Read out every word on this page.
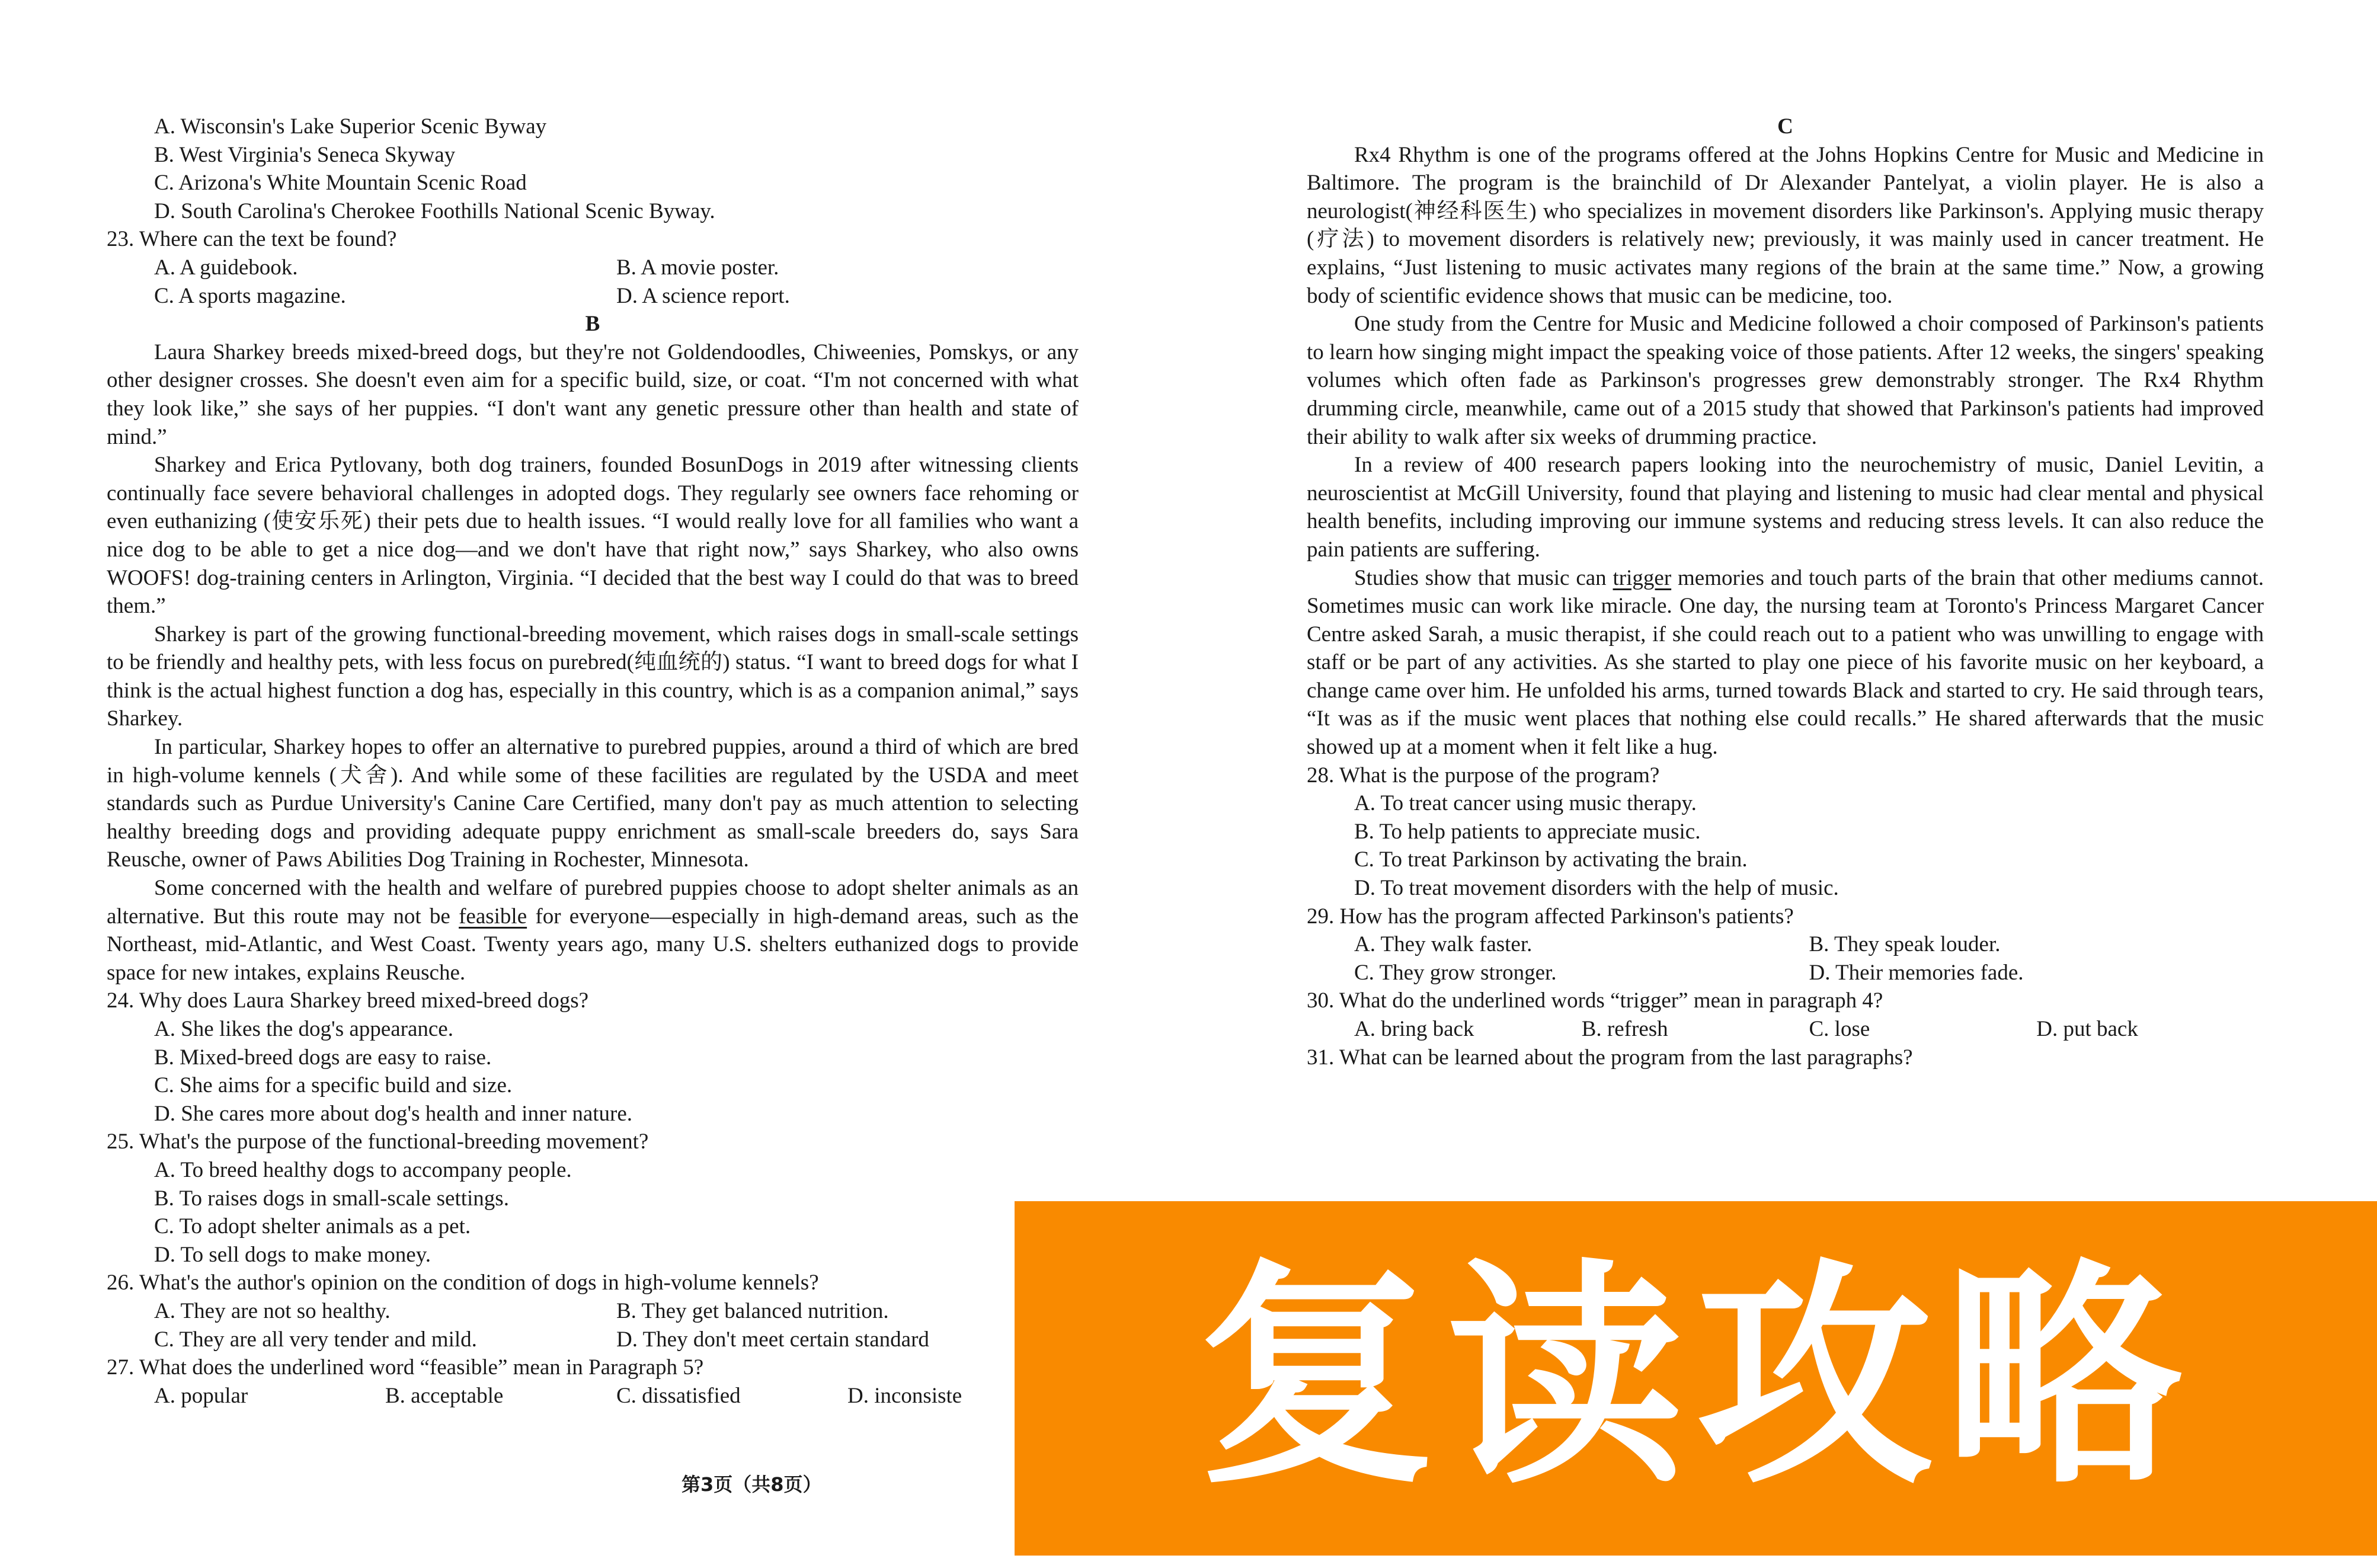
A. Wisconsin's Lake Superior Scenic Byway
B. West Virginia's Seneca Skyway
C. Arizona's White Mountain Scenic Road
D. South Carolina's Cherokee Foothills National Scenic Byway.
23. Where can the text be found?
A. A guidebook.	B. A movie poster.
C. A sports magazine.	D. A science report.
B

Laura Sharkey breeds mixed-breed dogs, but they're not Goldendoodles, Chiweenies, Pomskys, or any other designer crosses. She doesn't even aim for a specific build, size, or coat. “I'm not concerned with what they look like,” she says of her puppies. “I don't want any genetic pressure other than health and state of mind.”

Sharkey and Erica Pytlovany, both dog trainers, founded BosunDogs in 2019 after witnessing clients continually face severe behavioral challenges in adopted dogs. They regularly see owners face rehoming or even euthanizing (使安乐死) their pets due to health issues. “I would really love for all families who want a nice dog to be able to get a nice dog—and we don't have that right now,” says Sharkey, who also owns WOOFS! dog-training centers in Arlington, Virginia. “I decided that the best way I could do that was to breed them.”

Sharkey is part of the growing functional-breeding movement, which raises dogs in small-scale settings to be friendly and healthy pets, with less focus on purebred(纯血统的) status. “I want to breed dogs for what I think is the actual highest function a dog has, especially in this country, which is as a companion animal,” says Sharkey.

In particular, Sharkey hopes to offer an alternative to purebred puppies, around a third of which are bred in high-volume kennels (犬舍). And while some of these facilities are regulated by the USDA and meet standards such as Purdue University's Canine Care Certified, many don't pay as much attention to selecting healthy breeding dogs and providing adequate puppy enrichment as small-scale breeders do, says Sara Reusche, owner of Paws Abilities Dog Training in Rochester, Minnesota.

Some concerned with the health and welfare of purebred puppies choose to adopt shelter animals as an alternative. But this route may not be feasible for everyone—especially in high-demand areas, such as the Northeast, mid-Atlantic, and West Coast. Twenty years ago, many U.S. shelters euthanized dogs to provide space for new intakes, explains Reusche.

24. Why does Laura Sharkey breed mixed-breed dogs?
A. She likes the dog's appearance.
B. Mixed-breed dogs are easy to raise.
C. She aims for a specific build and size.
D. She cares more about dog's health and inner nature.
25. What's the purpose of the functional-breeding movement?
A. To breed healthy dogs to accompany people.
B. To raises dogs in small-scale settings.
C. To adopt shelter animals as a pet.
D. To sell dogs to make money.
26. What's the author's opinion on the condition of dogs in high-volume kennels?
A. They are not so healthy.	B. They get balanced nutrition.
C. They are all very tender and mild.	D. They don't meet certain standard
27. What does the underlined word “feasible” mean in Paragraph 5?
A. popular	B. acceptable	C. dissatisfied	D. inconsiste
C

Rx4 Rhythm is one of the programs offered at the Johns Hopkins Centre for Music and Medicine in Baltimore. The program is the brainchild of Dr Alexander Pantelyat, a violin player. He is also a neurologist(神经科医生) who specializes in movement disorders like Parkinson's. Applying music therapy (疗法) to movement disorders is relatively new; previously, it was mainly used in cancer treatment. He explains, “Just listening to music activates many regions of the brain at the same time.” Now, a growing body of scientific evidence shows that music can be medicine, too.

One study from the Centre for Music and Medicine followed a choir composed of Parkinson's patients to learn how singing might impact the speaking voice of those patients. After 12 weeks, the singers' speaking volumes which often fade as Parkinson's progresses grew demonstrably stronger. The Rx4 Rhythm drumming circle, meanwhile, came out of a 2015 study that showed that Parkinson's patients had improved their ability to walk after six weeks of drumming practice.

In a review of 400 research papers looking into the neurochemistry of music, Daniel Levitin, a neuroscientist at McGill University, found that playing and listening to music had clear mental and physical health benefits, including improving our immune systems and reducing stress levels. It can also reduce the pain patients are suffering.

Studies show that music can trigger memories and touch parts of the brain that other mediums cannot. Sometimes music can work like miracle. One day, the nursing team at Toronto's Princess Margaret Cancer Centre asked Sarah, a music therapist, if she could reach out to a patient who was unwilling to engage with staff or be part of any activities. As she started to play one piece of his favorite music on her keyboard, a change came over him. He unfolded his arms, turned towards Black and started to cry. He said through tears, “It was as if the music went places that nothing else could recalls.” He shared afterwards that the music showed up at a moment when it felt like a hug.

28. What is the purpose of the program?
A. To treat cancer using music therapy.
B. To help patients to appreciate music.
C. To treat Parkinson by activating the brain.
D. To treat movement disorders with the help of music.
29. How has the program affected Parkinson's patients?
A. They walk faster.	B. They speak louder.
C. They grow stronger.	D. Their memories fade.
30. What do the underlined words “trigger” mean in paragraph 4?
A. bring back	B. refresh	C. lose	D. put back
31. What can be learned about the program from the last paragraphs?
第3页（共8页） 复读攻略
